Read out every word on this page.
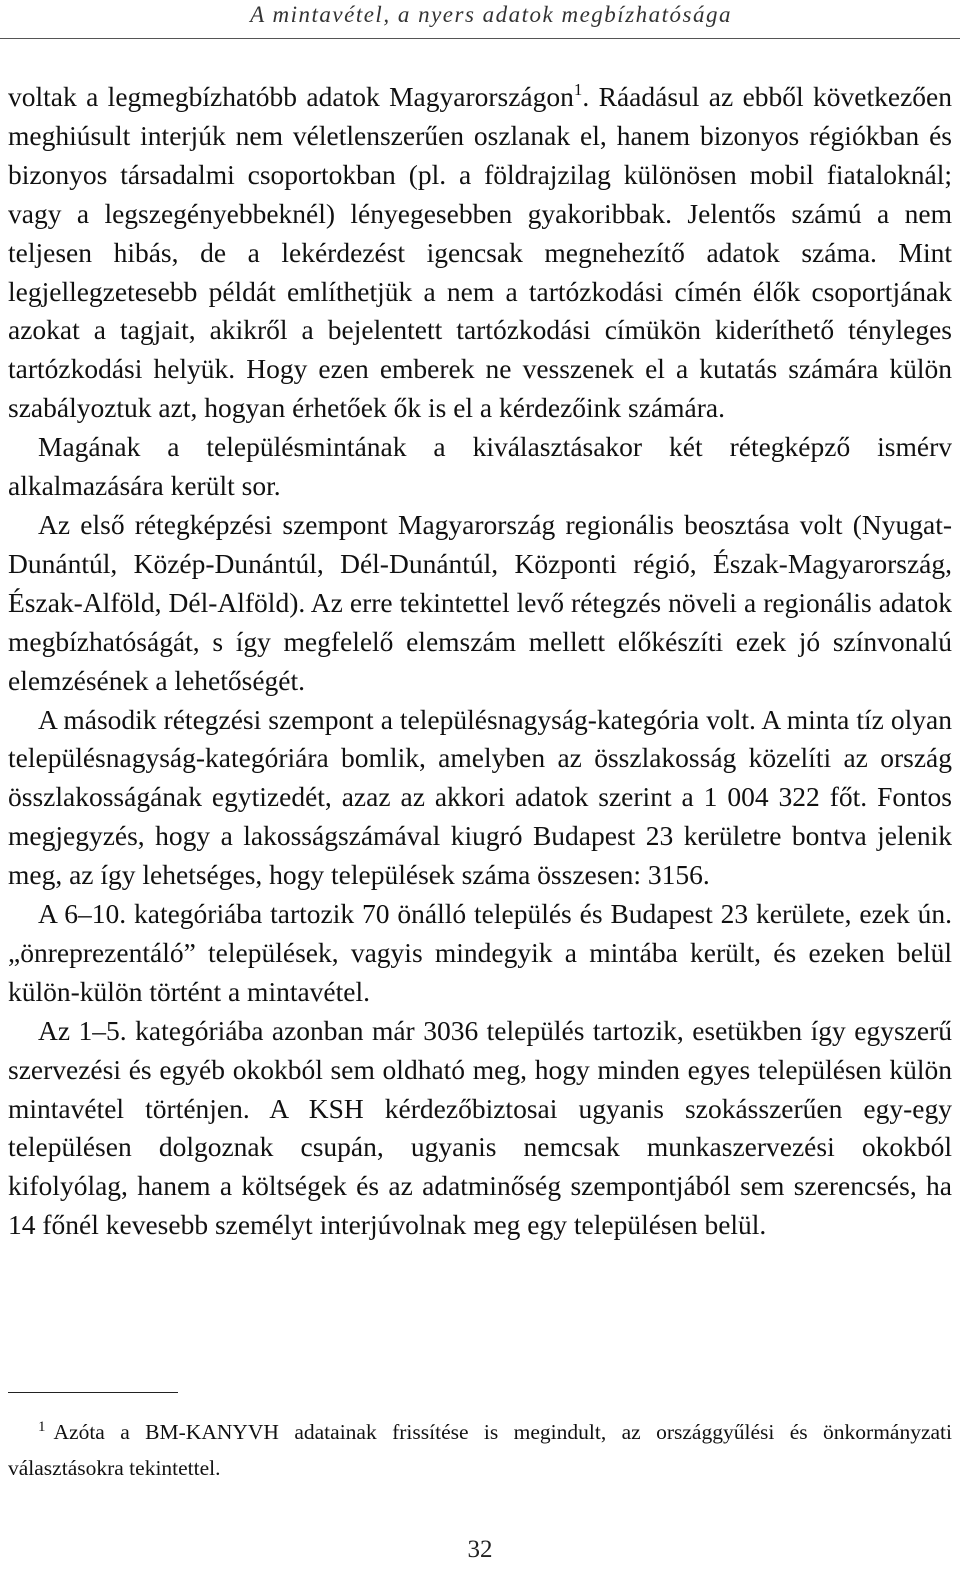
A mintavétel, a nyers adatok megbízhatósága

voltak a legmegbízhatóbb adatok Magyarországon$^1$. Ráadásul az ebből következően meghiúsult interjúk nem véletlenszerűen oszlanak el, hanem bizonyos régiókban és bizonyos társadalmi csoportokban (pl. a földrajzilag különösen mobil fiataloknál; vagy a legszegényebbeknél) lényegesebben gyakoribbak. Jelentős számú a nem teljesen hibás, de a lekérdezést igencsak megnehezítő adatok száma. Mint legjellegzetesebb példát említhetjük a nem a tartózkodási címén élők csoportjának azokat a tagjait, akikről a bejelentett tartózkodási címükön kideríthető tényleges tartózkodási helyük. Hogy ezen emberek ne vesszenek el a kutatás számára külön szabályoztuk azt, hogyan érhetőek ők is el a kérdezőink számára.

Magának a településmintának a kiválasztásakor két rétegképző ismérv alkalmazására került sor.

Az első rétegképzési szempont Magyarország regionális beosztása volt (Nyugat-Dunántúl, Közép-Dunántúl, Dél-Dunántúl, Központi régió, Észak-Magyarország, Észak-Alföld, Dél-Alföld). Az erre tekintettel levő rétegzés növeli a regionális adatok megbízhatóságát, s így megfelelő elemszám mellett előkészíti ezek jó színvonalú elemzésének a lehetőségét.

A második rétegzési szempont a településnagyság-kategória volt. A minta tíz olyan településnagyság-kategóriára bomlik, amelyben az összlakosság közelíti az ország összlakosságának egytizedét, azaz az akkori adatok szerint a 1 004 322 főt. Fontos megjegyzés, hogy a lakosságszámával kiugró Budapest 23 kerületre bontva jelenik meg, az így lehetséges, hogy települések száma összesen: 3156.

A 6–10. kategóriába tartozik 70 önálló település és Budapest 23 kerülete, ezek ún. „önreprezentáló” települések, vagyis mindegyik a mintába került, és ezeken belül külön-külön történt a mintavétel.

Az 1–5. kategóriába azonban már 3036 település tartozik, esetükben így egyszerű szervezési és egyéb okokból sem oldható meg, hogy minden egyes településen külön mintavétel történjen. A KSH kérdezőbiztosai ugyanis szokásszerűen egy-egy településen dolgoznak csupán, ugyanis nemcsak munkaszervezési okokból kifolyólag, hanem a költségek és az adatminőség szempontjából sem szerencsés, ha 14 főnél kevesebb személyt interjúvolnak meg egy településen belül.

$^1$ Azóta a BM-KANYVH adatainak frissítése is megindult, az országgyűlési és önkormányzati választásokra tekintettel.
32
